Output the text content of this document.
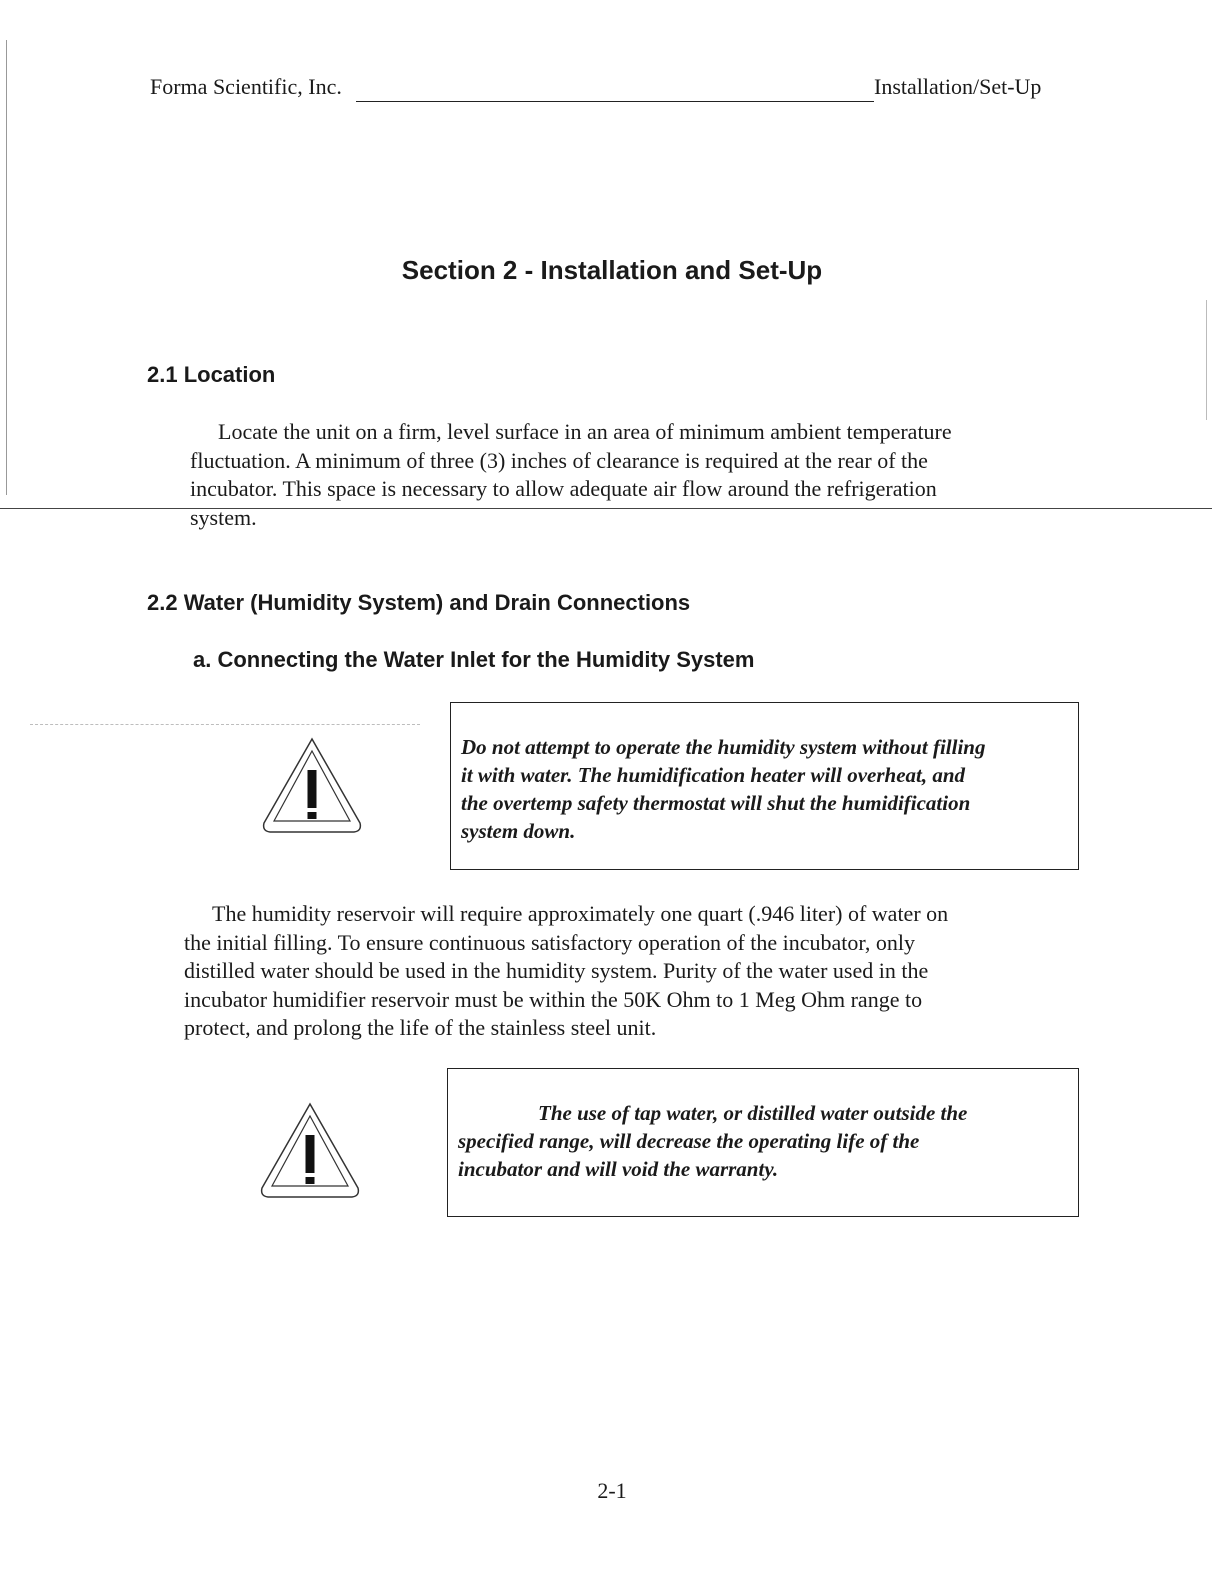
Forma Scientific, Inc.	Installation/Set-Up
Section 2 - Installation and Set-Up
2.1 Location
Locate the unit on a firm, level surface in an area of minimum ambient temperature
fluctuation. A minimum of three (3) inches of clearance is required at the rear of the
incubator. This space is necessary to allow adequate air flow around the refrigeration
system.
2.2 Water (Humidity System) and Drain Connections
a. Connecting the Water Inlet for the Humidity System
Do not attempt to operate the humidity system without filling
it with water. The humidification heater will overheat, and
the overtemp safety thermostat will shut the humidification
system down.
The humidity reservoir will require approximately one quart (.946 liter) of water on
the initial filling. To ensure continuous satisfactory operation of the incubator, only
distilled water should be used in the humidity system. Purity of the water used in the
incubator humidifier reservoir must be within the 50K Ohm to 1 Meg Ohm range to
protect, and prolong the life of the stainless steel unit.
The use of tap water, or distilled water outside the
specified range, will decrease the operating life of the
incubator and will void the warranty.
2-1
